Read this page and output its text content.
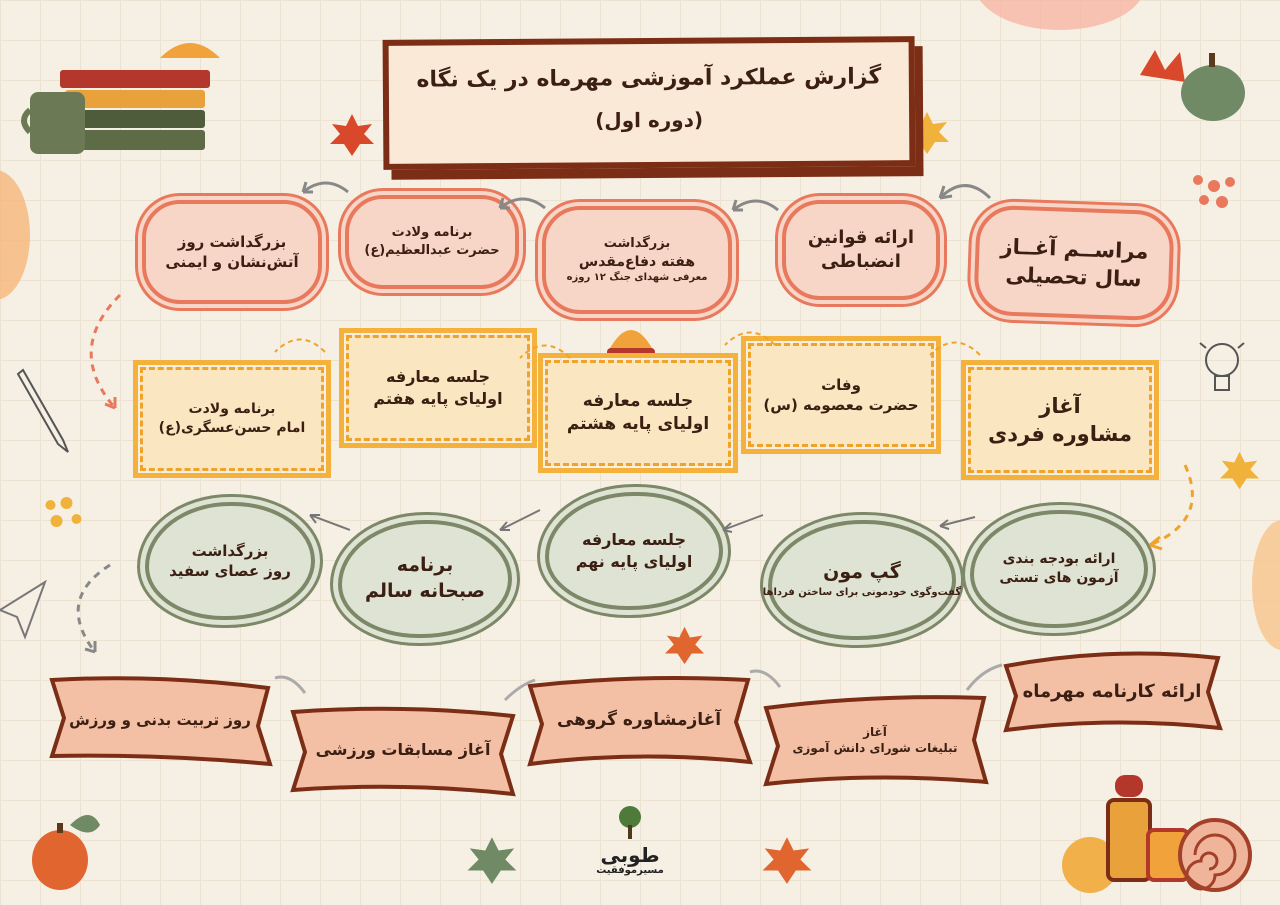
گزارش عملکرد آموزشی مهرماه در یک نگاه
(دوره اول)
مراســم آغــاز
سال تحصیلی
ارائه قوانین
انضباطی
بزرگداشت
هفته دفاع‌مقدس
معرفی شهدای جنگ ۱۲ روزه
برنامه ولادت
حضرت عبدالعظیم(ع)
بزرگداشت روز
آتش‌نشان و ایمنی
آغاز
مشاوره فردی
وفات
حضرت معصومه (س)
جلسه معارفه
اولیای پایه هشتم
جلسه معارفه
اولیای پایه هفتم
برنامه ولادت
امام حسن‌عسگری(ع)
ارائه بودجه بندی
آزمون های تستی
گپ مون
گفت‌وگوی خودمونی برای ساختن فرداها
جلسه معارفه
اولیای پایه نهم
برنامه
صبحانه سالم
بزرگداشت
روز عصای سفید
ارائه کارنامه مهرماه
آغاز
تبلیغات شورای دانش آموزی
آغازمشاوره گروهی
آغاز مسابقات ورزشی
روز تربیت بدنی و ورزش
طوبی
مسیرموفقیت
